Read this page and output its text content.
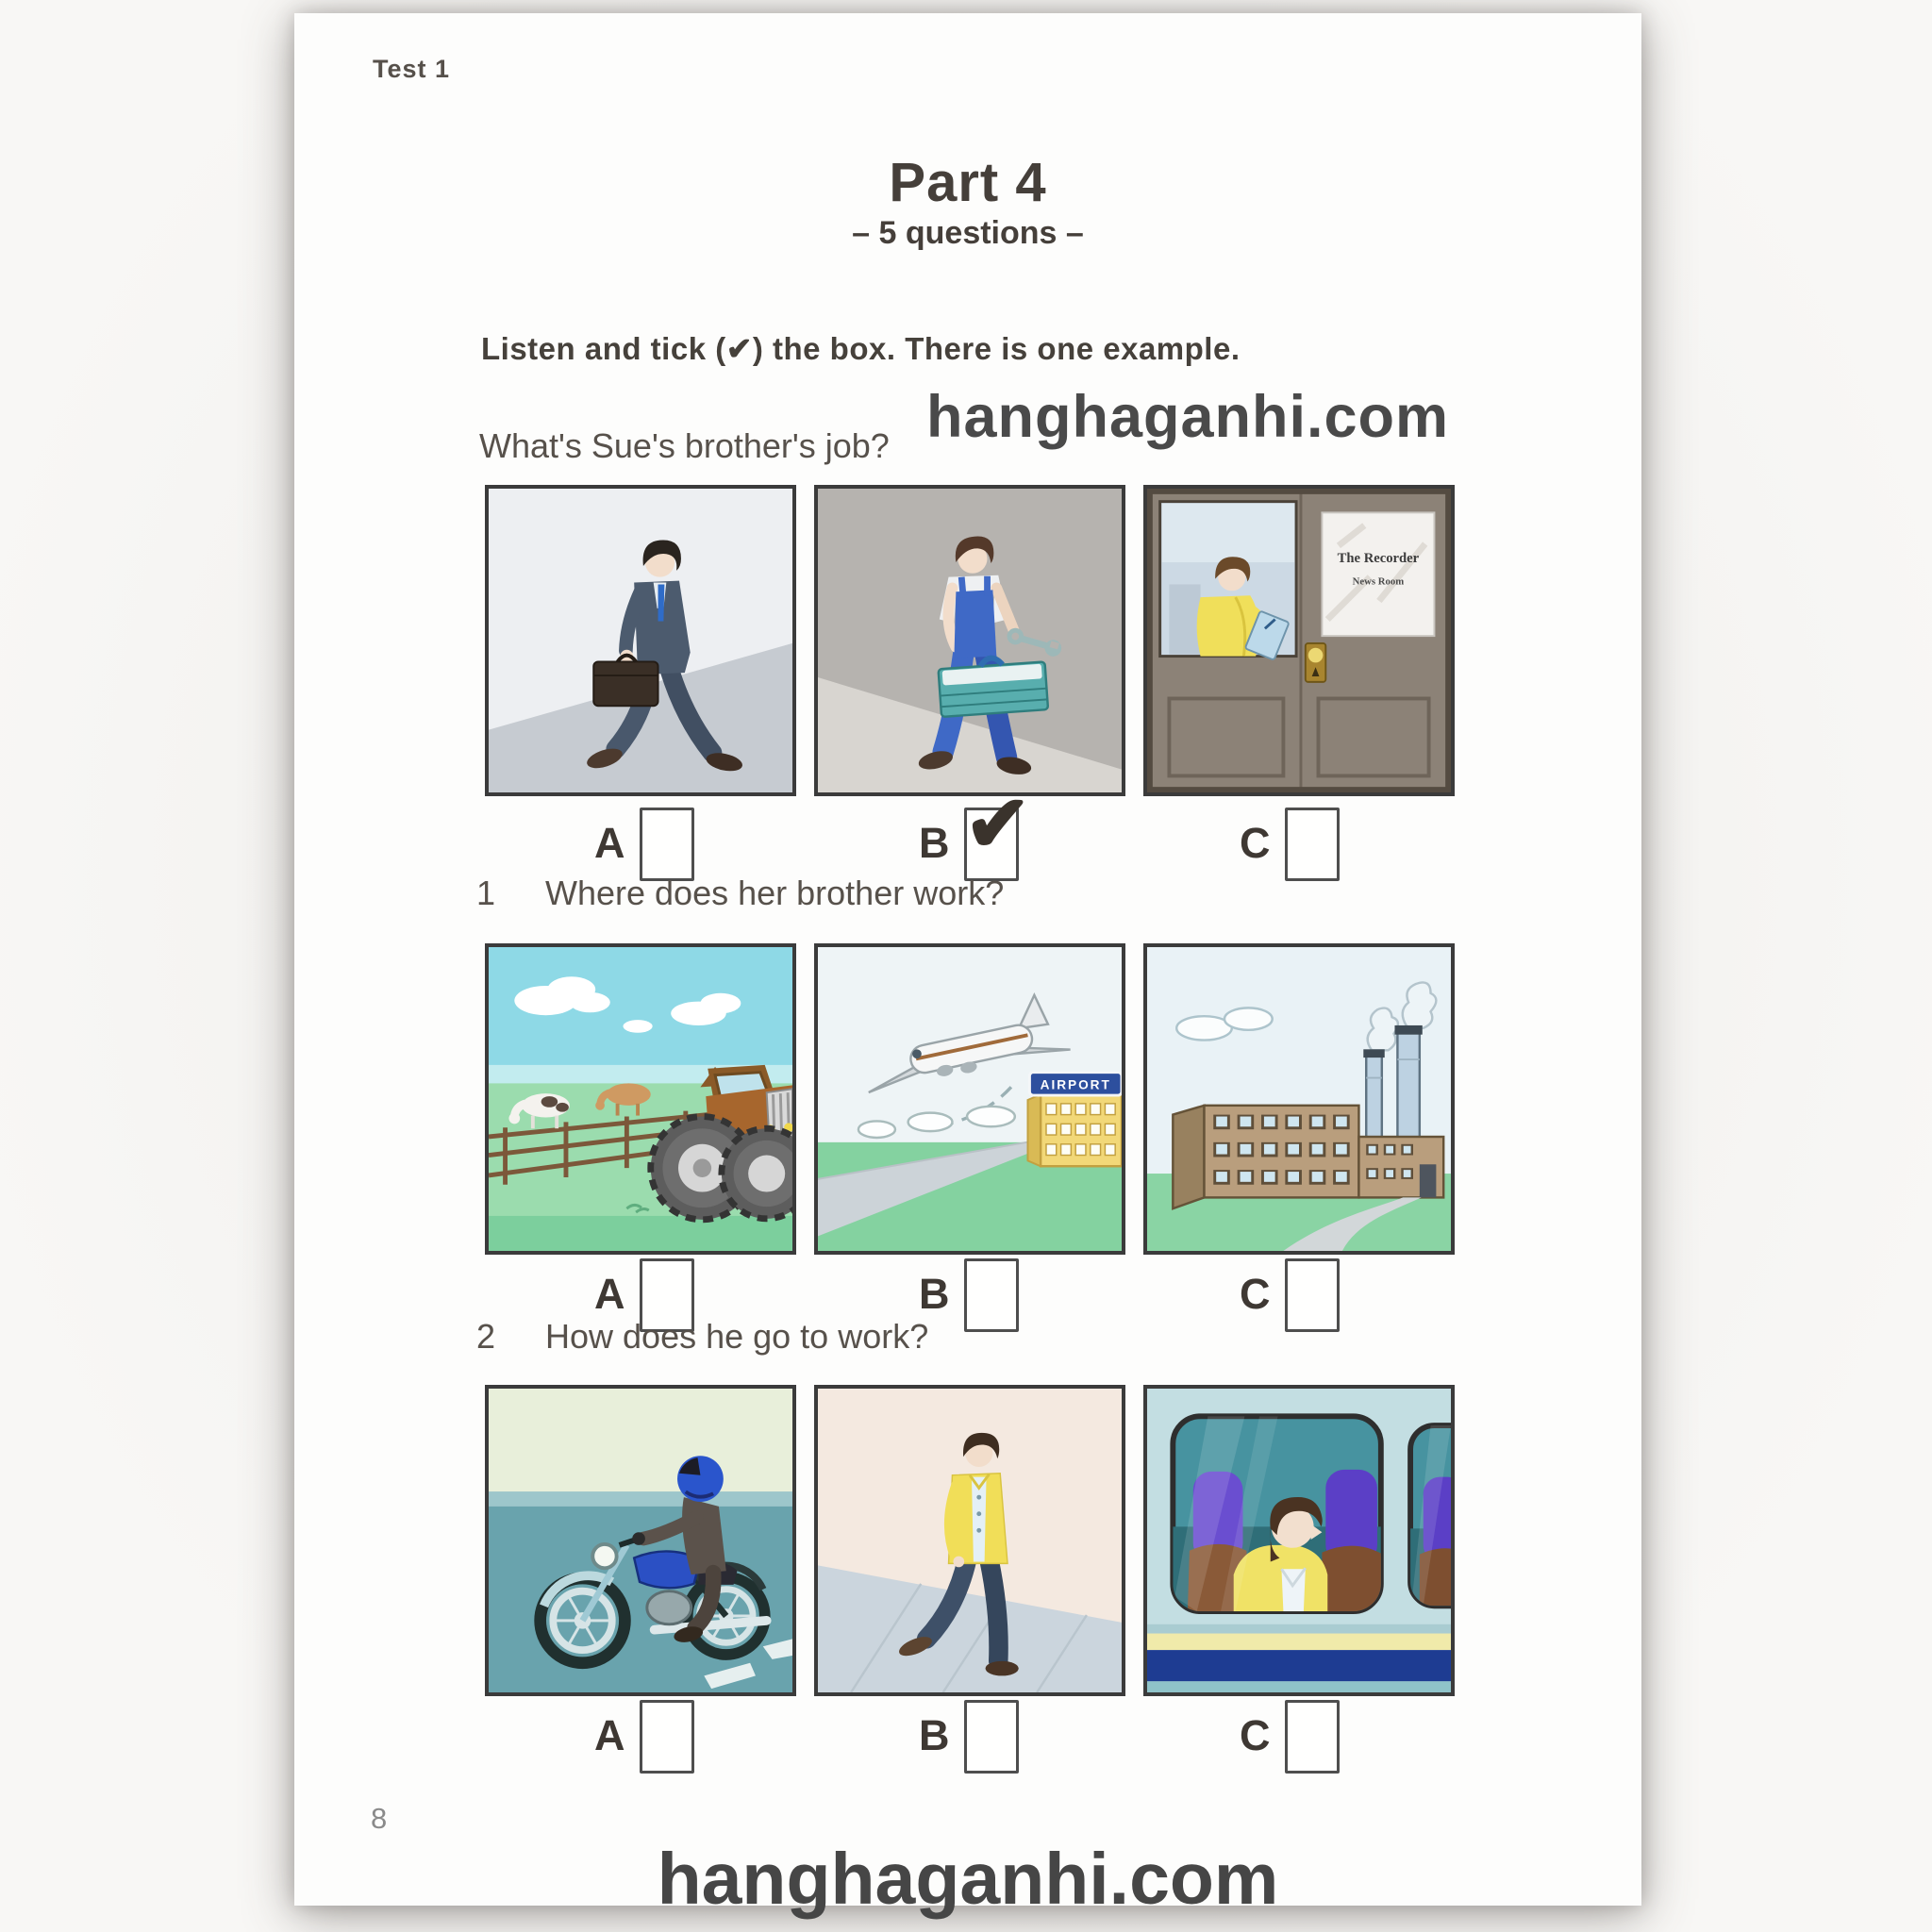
Test 1
Part 4
– 5 questions –
Listen and tick (✔) the box. There is one example.
hanghaganhi.com
What's Sue's brother's job?
The Recorder
News Room
A	B ✔	C
1	Where does her brother work?
AIRPORT
A	B	C
2	How does he go to work?
A	B	C
8
hanghaganhi.com
